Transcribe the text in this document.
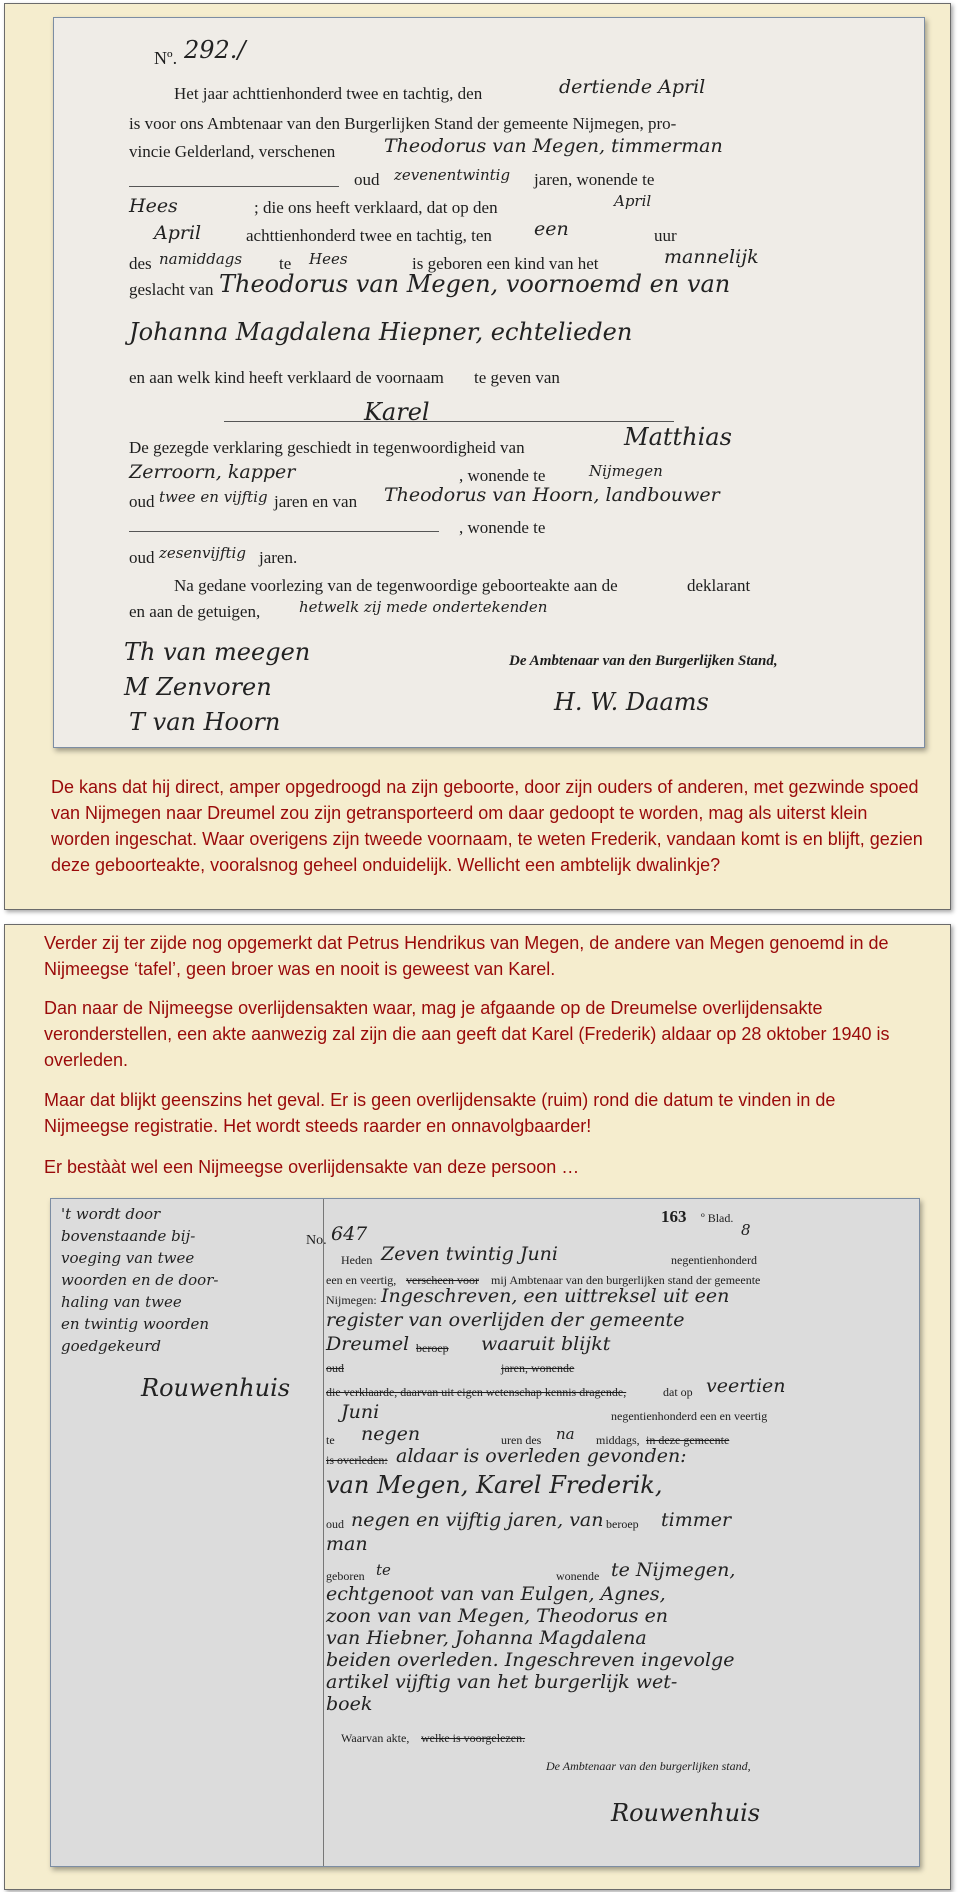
Nº. 292./
Het jaar achttienhonderd twee en tachtig, den	dertiende April
is voor ons Ambtenaar van den Burgerlijken Stand der gemeente Nijmegen, pro-
vincie Gelderland, verschenen	Theodorus van Megen, timmerman
oud zevenentwintig jaren, wonende te
Hees	; die ons heeft verklaard, dat op den	April
April	achttienhonderd twee en tachtig, ten een	uur
des namiddags te Hees	is geboren een kind van het	mannelijk
geslacht van Theodorus van Megen, voornoemd en van
Johanna Magdalena Hiepner, echtelieden
en aan welk kind heeft verklaard de voornaam te geven van
Karel
De gezegde verklaring geschiedt in tegenwoordigheid van	Matthias
Zerroorn, kapper	, wonende te	Nijmegen
oud twee en vijftig jaren en van Theodorus van Hoorn, landbouwer
, wonende te
oud zesenvijftig jaren.
Na gedane voorlezing van de tegenwoordige geboorteakte aan de	deklarant
en aan de getuigen,	hetwelk zij mede ondertekenden
Th van meegen
M Zenvoren
T van Hoorn
De Ambtenaar van den Burgerlijken Stand,
H. W. Daams
De kans dat hij direct, amper opgedroogd na zijn geboorte, door zijn ouders of anderen, met gezwinde spoed van Nijmegen naar Dreumel zou zijn getransporteerd om daar gedoopt te worden, mag als uiterst klein worden ingeschat. Waar overigens zijn tweede voornaam, te weten Frederik, vandaan komt is en blijft, gezien deze geboorteakte, vooralsnog geheel onduidelijk. Wellicht een ambtelijk dwalinkje?
Verder zij ter zijde nog opgemerkt dat Petrus Hendrikus van Megen, de andere van Megen genoemd in de Nijmeegse ‘tafel’, geen broer was en nooit is geweest van Karel.
Dan naar de Nijmeegse overlijdensakten waar, mag je afgaande op de Dreumelse overlijdensakte veronderstellen, een akte aanwezig zal zijn die aan geeft dat Karel (Frederik) aldaar op 28 oktober 1940 is overleden.
Maar dat blijkt geenszins het geval. Er is geen overlijdensakte (ruim) rond die datum te vinden in de Nijmeegse registratie. Het wordt steeds raarder en onnavolgbaarder!
Er bestààt wel een Nijmeegse overlijdensakte van deze persoon …
't wordt door
bovenstaande bij-
voeging van twee
woorden en de door-
haling van twee
en twintig woorden
goedgekeurd
Rouwenhuis
163 º Blad.
8
No. 647
Heden Zeven twintig Juni	negentienhonderd
een en veertig, verscheen voor mij Ambtenaar van den burgerlijken stand der gemeente
Nijmegen: Ingeschreven, een uittreksel uit een
register van overlijden der gemeente
Dreumel beroep waaruit blijkt
oud	jaren, wonende
die verklaarde, daarvan uit eigen wetenschap kennis dragende,	dat op veertien
Juni	negentienhonderd een en veertig
te negen	uren des na middags, in deze gemeente
is overleden: aldaar is overleden gevonden:
van Megen, Karel Frederik,
oud negen en vijftig jaren, van beroep timmer
man
geboren te	wonende te Nijmegen,
echtgenoot van van Eulgen, Agnes,
zoon van van Megen, Theodorus en
van Hiebner, Johanna Magdalena
beiden overleden. Ingeschreven ingevolge
artikel vijftig van het burgerlijk wet-
boek
Waarvan akte, welke is voorgelezen.
De Ambtenaar van den burgerlijken stand,
Rouwenhuis
